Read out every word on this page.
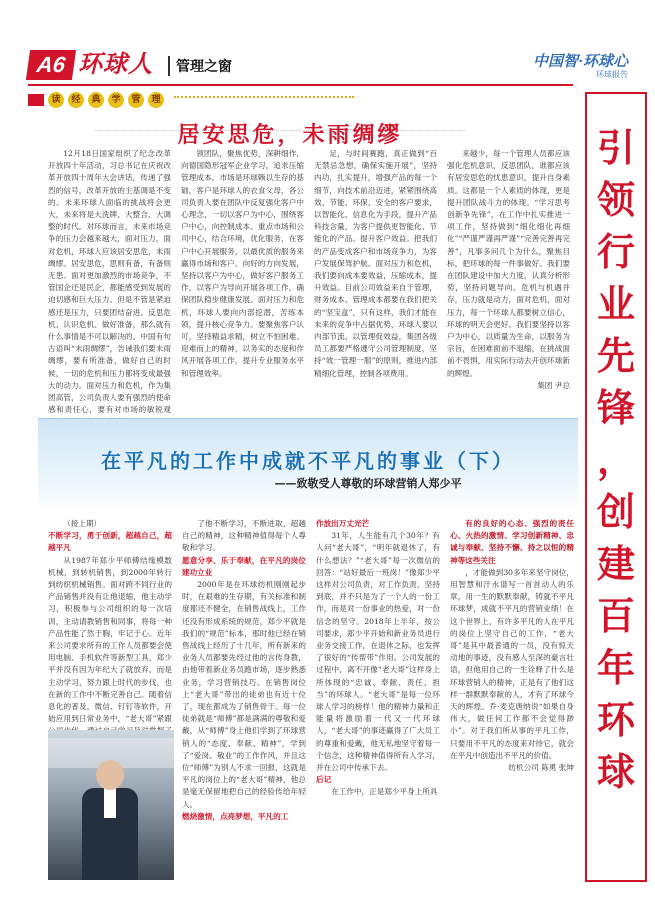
A6 环球人	管理之窗	中国智·环球心
环球报告
读	经	典	学	管	理
引
领
行
业
先
锋
，
创
建
百
年
环
球
居安思危，未雨绸缪

12月18日国家组织了纪念改革开放四十年活动，习总书记在庆祝改革开放四十周年大会讲话，传递了强烈的信号，改革开放的主基调是不变的。未来环球人面临的挑战将会更大，未来将是大洗牌、大整合、大调整的时代。对环球而言，未来市场竞争的压力会越来越大，面对压力，面对危机，环球人应该居安思危，未雨绸缪。居安思危，思则有备，有备则无患。面对更加激烈的市场竞争，不管国企还是民企，都能感受到发展的迫切感和巨大压力。但是不管是紧迫感还是压力，只要团结奋进、反思危机、认识危机、做好准备，那么就有什么事情是不可以解决的。中国有句古语叫“未雨绸缪”，告诫我们要未雨绸缪，要有所准备，做好自己的时候，一切的危机和压力都将变成最强大的动力。面对压力和危机，作为集团高管，公司负责人要有强烈的使命感和责任心，要有对市场的敏锐观

领团队，聚焦优势，深耕细作，向德国隐形冠军企业学习，追求压缩管理成本。市场是环球赖以生存的基础，客户是环球人的衣食父母，各公司负责人要在团队中反复强化客户中心理念，一切以客户为中心，围绕客户中心，向控制成本、重点市场和公司中心，结合环境，优化服务，在客户中心开展服务，以最优质的服务来赢得市场和客户。向好的方向发展，坚持以客户为中心，做好客户服务工作，以客户为导向开展各项工作，确保团队稳步健康发展。面对压力和危机，环球人要向内部挖潜，苦练本领，提升核心竞争力。要聚焦客户认可，坚持精益求精，树立不怕困难、迎难而上的精神，以务实的态度和作风开展各项工作，提升专业服务水平和管理效率。

足，与时间赛跑，真正做到“百无禁忌急想，确保实施开展”，坚持内功，扎实提升，增强产品的每一个细节，向技术前沿迈进，紧紧围绕高效、节能、环保、安全的客户要求，以智能化、信息化为手段，提升产品科技含量，为客户提供更智能化、节能化的产品。提升客户效益。把我们的产品变成客户和市场竞争力，为客户发展保驾护航。面对压力和危机，我们要向成本要效益，压缩成本，提升效益。目前公司效益来自于管理，财务成本、管理成本都要在我们把关的“坚宝盒”，只有这样，我们才能在未来的竞争中占据优势，环球人要以内部节流、以管理促效益，集团各级员工都要严格遵守公司管理制度，坚持“效一管理一服”的原则，推进内部精细化管理，控制各项费用。

来越少，每一个管理人员都应该强化危机意识，反思团队，谁都应该有居安思危的忧患意识，提升自身素质。这都是一个人素质的体现，更是提升团队战斗力的体现。“学习思考创新争先锋”，在工作中扎实推进一项工作，坚持做到“细化细化再细化”“严谨严谨再严谨”“完善完善再完善”，凡事多问几个为什么，聚焦目标，把环球的每一件事做好。我们要在团队建设中加大力度，认真分析形势，坚持问题导向。危机与机遇并存，压力就是动力，面对危机，面对压力，每一个环球人都要树立信心，环球的明天会更好。我们要坚持以客户为中心，以质量为生命，以服务为宗旨，在困难面前不退缩，在挑战面前不畏惧，用实际行动去开创环球新的辉煌。

集团 尹总
在平凡的工作中成就不平凡的事业（下）
——致敬受人尊敬的环球营销人郑少平

（接上期）

不断学习，勇于创新，超越自己，超越平凡

从1987年郑少平师傅结缘模数机械，到转机销售，到2000年转行到纺织机械销售。面对跨不同行业的产品销售并没有让他退缩，他主动学习，积极参与公司组织的每一次培训，主动请教销售和同事，将每一种产品性能了然于胸，牢记于心。近年来公司要求所有的工作人员都要会使用电脑、手机软件等新型工具，郑少平并没有因为年纪大了就放弃，而是主动学习，努力跟上时代的步伐，也在新的工作中不断完善自己。随着信息化的普及，微信、钉钉等软件，开始应用到日常业务中，“老大哥”紧跟

了他不断学习，不断进取，超越自己的精神，这种精神值得每个人尊敬和学习。

愿意分享、乐于奉献，在平凡的岗位建功立业

2000年是在环球纺机刚刚起步时，在艰难的生存期，有关标准和制度都还不健全，在销售战线上，工作还没有形成系统的规范，郑少平就是我们的“规范”标本，那时他已经在销售战线上经历了十几年，所有新来的业务人员都要先经过他的言传身教，由他带着新业务员跑市场，逐步熟悉业务，学习营销技巧。在销售岗位上“老大哥”带出的徒弟也有近十位了，现在都成为了销售骨干。每一位徒弟就是“师傅”都是满满的尊敬和爱戴，从“师傅”身上他们学到了环球营销人的“态度、奉献、精神”，学到了“爱岗、敬业”的工作作风，并且这位“师傅”为别人不求一回报，这就是平凡的岗位上的“老大哥”精神，他总是毫无保留地把自己的经验传给年轻人。

燃烧激情，点亮梦想，平凡的工

作放出万丈光芒

31年，人生能有几个30年？有人问“老大哥”，“明年就退休了，有什么想法？”“老大哥”每一次微信的回答：“站好最后一班岗！”像郑少平这样对公司负责，对工作负责，坚持到底，并不只是为了一个人的一份工作，而是对一份事业的热爱，对一份信念的坚守。2018年上半年，按公司要求，郑少平开始和新业务员进行业务交接工作，在退休之际，也发挥了很好的“传帮带”作用。公司发展的过程中，离不开像“老大哥”这样身上所体现的“忠诚、奉献、责任、担当”的环球人。“老大哥”是每一位环球人学习的榜样！他的精神力量和正能量将激励着一代又一代环球人，“老大哥”的事迹赢得了广大员工的尊重和爱戴，他无私地坚守着每一个信念，这种精神值得所有人学习，并在公司中传承下去。

后记

在工作中，正是郑少平身上所具

有的良好的心态、强烈的责任心、火热的激情、学习创新精神、忠诚与奉献、坚持不懈、持之以恒的精神等这些关注

，才能做到30多年来坚守岗位，用智慧和汗水谱写一首首动人的乐章，用一生的默默奉献，铸就不平凡环球梦，成就不平凡的营销业绩！在这个世界上，有许多平凡的人在平凡的岗位上坚守自己的工作，“老大哥”是其中最普通的一员，没有惊天动地的事迹，没有感人至深的豪言壮语，但他用自己的一生诠释了什么是环球营销人的精神，正是有了他们这样一群默默奉献的人，才有了环球今天的辉煌。乔·麦克唐纳说“如果自身伟大，做任何工作都不会觉得渺小”。对于我们所从事的平凡工作，只要用不平凡的态度来对待它，就会在平凡中创造出不平凡的价值。

纺机公司 陈勇 张坤
